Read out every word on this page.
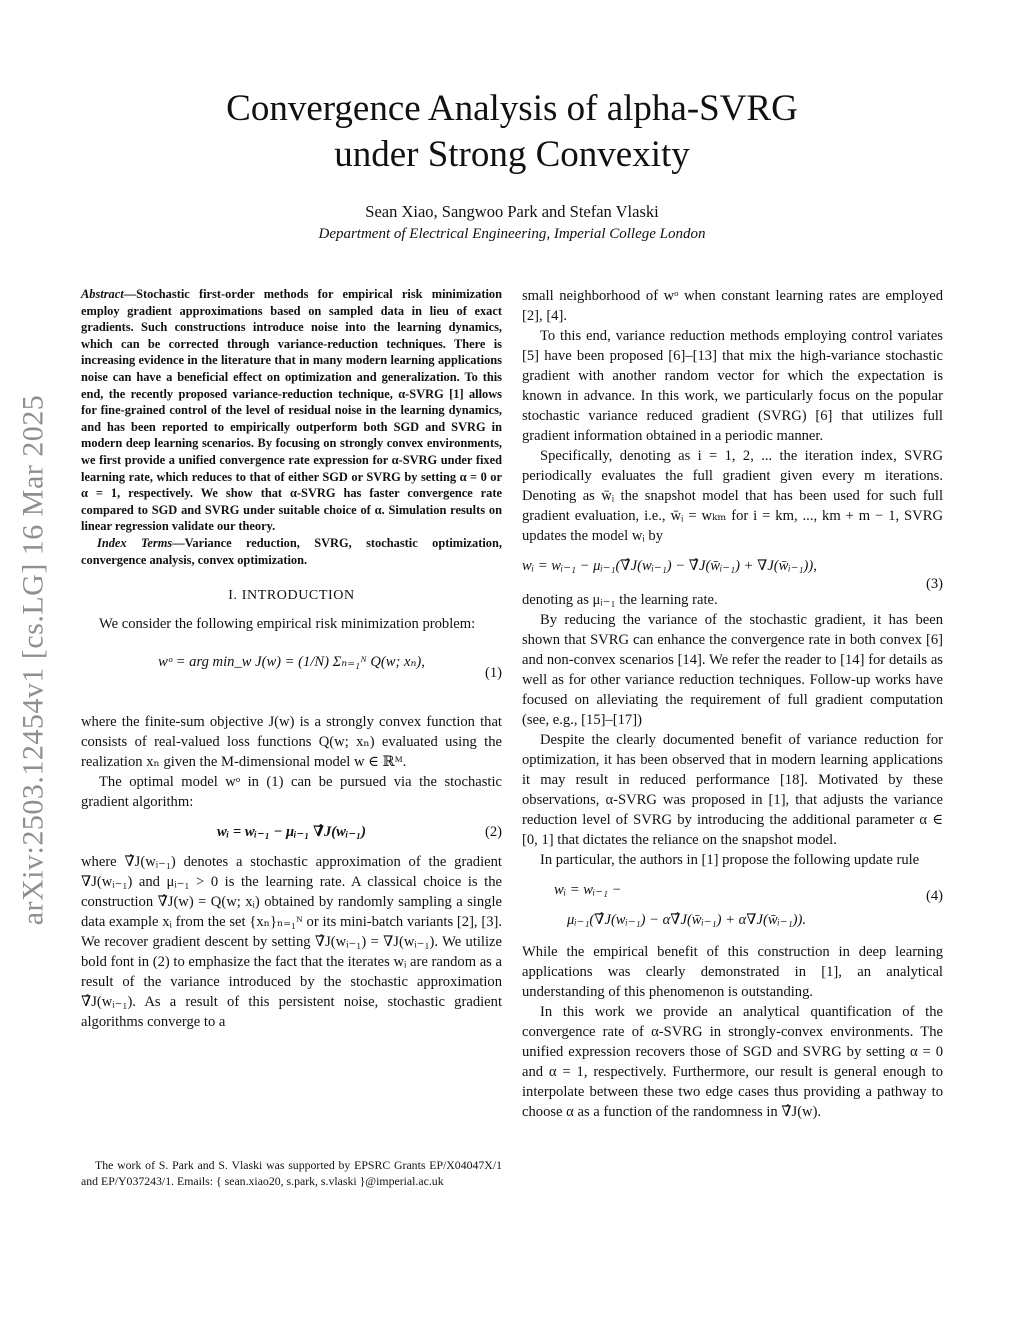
arXiv:2503.12454v1 [cs.LG] 16 Mar 2025
Convergence Analysis of alpha-SVRG
under Strong Convexity
Sean Xiao, Sangwoo Park and Stefan Vlaski
Department of Electrical Engineering, Imperial College London
Abstract—Stochastic first-order methods for empirical risk minimization employ gradient approximations based on sampled data in lieu of exact gradients. Such constructions introduce noise into the learning dynamics, which can be corrected through variance-reduction techniques. There is increasing evidence in the literature that in many modern learning applications noise can have a beneficial effect on optimization and generalization. To this end, the recently proposed variance-reduction technique, α-SVRG [1] allows for fine-grained control of the level of residual noise in the learning dynamics, and has been reported to empirically outperform both SGD and SVRG in modern deep learning scenarios. By focusing on strongly convex environments, we first provide a unified convergence rate expression for α-SVRG under fixed learning rate, which reduces to that of either SGD or SVRG by setting α = 0 or α = 1, respectively. We show that α-SVRG has faster convergence rate compared to SGD and SVRG under suitable choice of α. Simulation results on linear regression validate our theory.
Index Terms—Variance reduction, SVRG, stochastic optimization, convergence analysis, convex optimization.
I. INTRODUCTION

We consider the following empirical risk minimization problem:

wᵒ = arg min_w J(w) = (1/N) Σₙ₌₁ᴺ Q(w; xₙ),
(1)

where the finite-sum objective J(w) is a strongly convex function that consists of real-valued loss functions Q(w; xₙ) evaluated using the realization xₙ given the M-dimensional model w ∈ ℝᴹ.

The optimal model wᵒ in (1) can be pursued via the stochastic gradient algorithm:

wᵢ = wᵢ₋₁ − μᵢ₋₁ ∇̂J(wᵢ₋₁)	(2)

where ∇̂J(wᵢ₋₁) denotes a stochastic approximation of the gradient ∇J(wᵢ₋₁) and μᵢ₋₁ > 0 is the learning rate. A classical choice is the construction ∇̂J(w) = Q(w; xᵢ) obtained by randomly sampling a single data example xᵢ from the set {xₙ}ₙ₌₁ᴺ or its mini-batch variants [2], [3]. We recover gradient descent by setting ∇̂J(wᵢ₋₁) = ∇J(wᵢ₋₁). We utilize bold font in (2) to emphasize the fact that the iterates wᵢ are random as a result of the variance introduced by the stochastic approximation ∇̂J(wᵢ₋₁). As a result of this persistent noise, stochastic gradient algorithms converge to a

The work of S. Park and S. Vlaski was supported by EPSRC Grants EP/X04047X/1 and EP/Y037243/1. Emails: { sean.xiao20, s.park, s.vlaski }@imperial.ac.uk

small neighborhood of wᵒ when constant learning rates are employed [2], [4].

To this end, variance reduction methods employing control variates [5] have been proposed [6]–[13] that mix the high-variance stochastic gradient with another random vector for which the expectation is known in advance. In this work, we particularly focus on the popular stochastic variance reduced gradient (SVRG) [6] that utilizes full gradient information obtained in a periodic manner.

Specifically, denoting as i = 1, 2, ... the iteration index, SVRG periodically evaluates the full gradient given every m iterations. Denoting as w̄ᵢ the snapshot model that has been used for such full gradient evaluation, i.e., w̄ᵢ = wₖₘ for i = km, ..., km + m − 1, SVRG updates the model wᵢ by

wᵢ = wᵢ₋₁ − μᵢ₋₁(∇̂J(wᵢ₋₁) − ∇̂J(w̄ᵢ₋₁) + ∇J(w̄ᵢ₋₁)),
(3)

denoting as μᵢ₋₁ the learning rate.

By reducing the variance of the stochastic gradient, it has been shown that SVRG can enhance the convergence rate in both convex [6] and non-convex scenarios [14]. We refer the reader to [14] for details as well as for other variance reduction techniques. Follow-up works have focused on alleviating the requirement of full gradient computation (see, e.g., [15]–[17])

Despite the clearly documented benefit of variance reduction for optimization, it has been observed that in modern learning applications it may result in reduced performance [18]. Motivated by these observations, α-SVRG was proposed in [1], that adjusts the variance reduction level of SVRG by introducing the additional parameter α ∈ [0, 1] that dictates the reliance on the snapshot model.

In particular, the authors in [1] propose the following update rule

wᵢ = wᵢ₋₁ −
μᵢ₋₁(∇̂J(wᵢ₋₁) − α∇̂J(w̄ᵢ₋₁) + α∇J(w̄ᵢ₋₁)).
(4)

While the empirical benefit of this construction in deep learning applications was clearly demonstrated in [1], an analytical understanding of this phenomenon is outstanding.

In this work we provide an analytical quantification of the convergence rate of α-SVRG in strongly-convex environments. The unified expression recovers those of SGD and SVRG by setting α = 0 and α = 1, respectively. Furthermore, our result is general enough to interpolate between these two edge cases thus providing a pathway to choose α as a function of the randomness in ∇̂J(w).
